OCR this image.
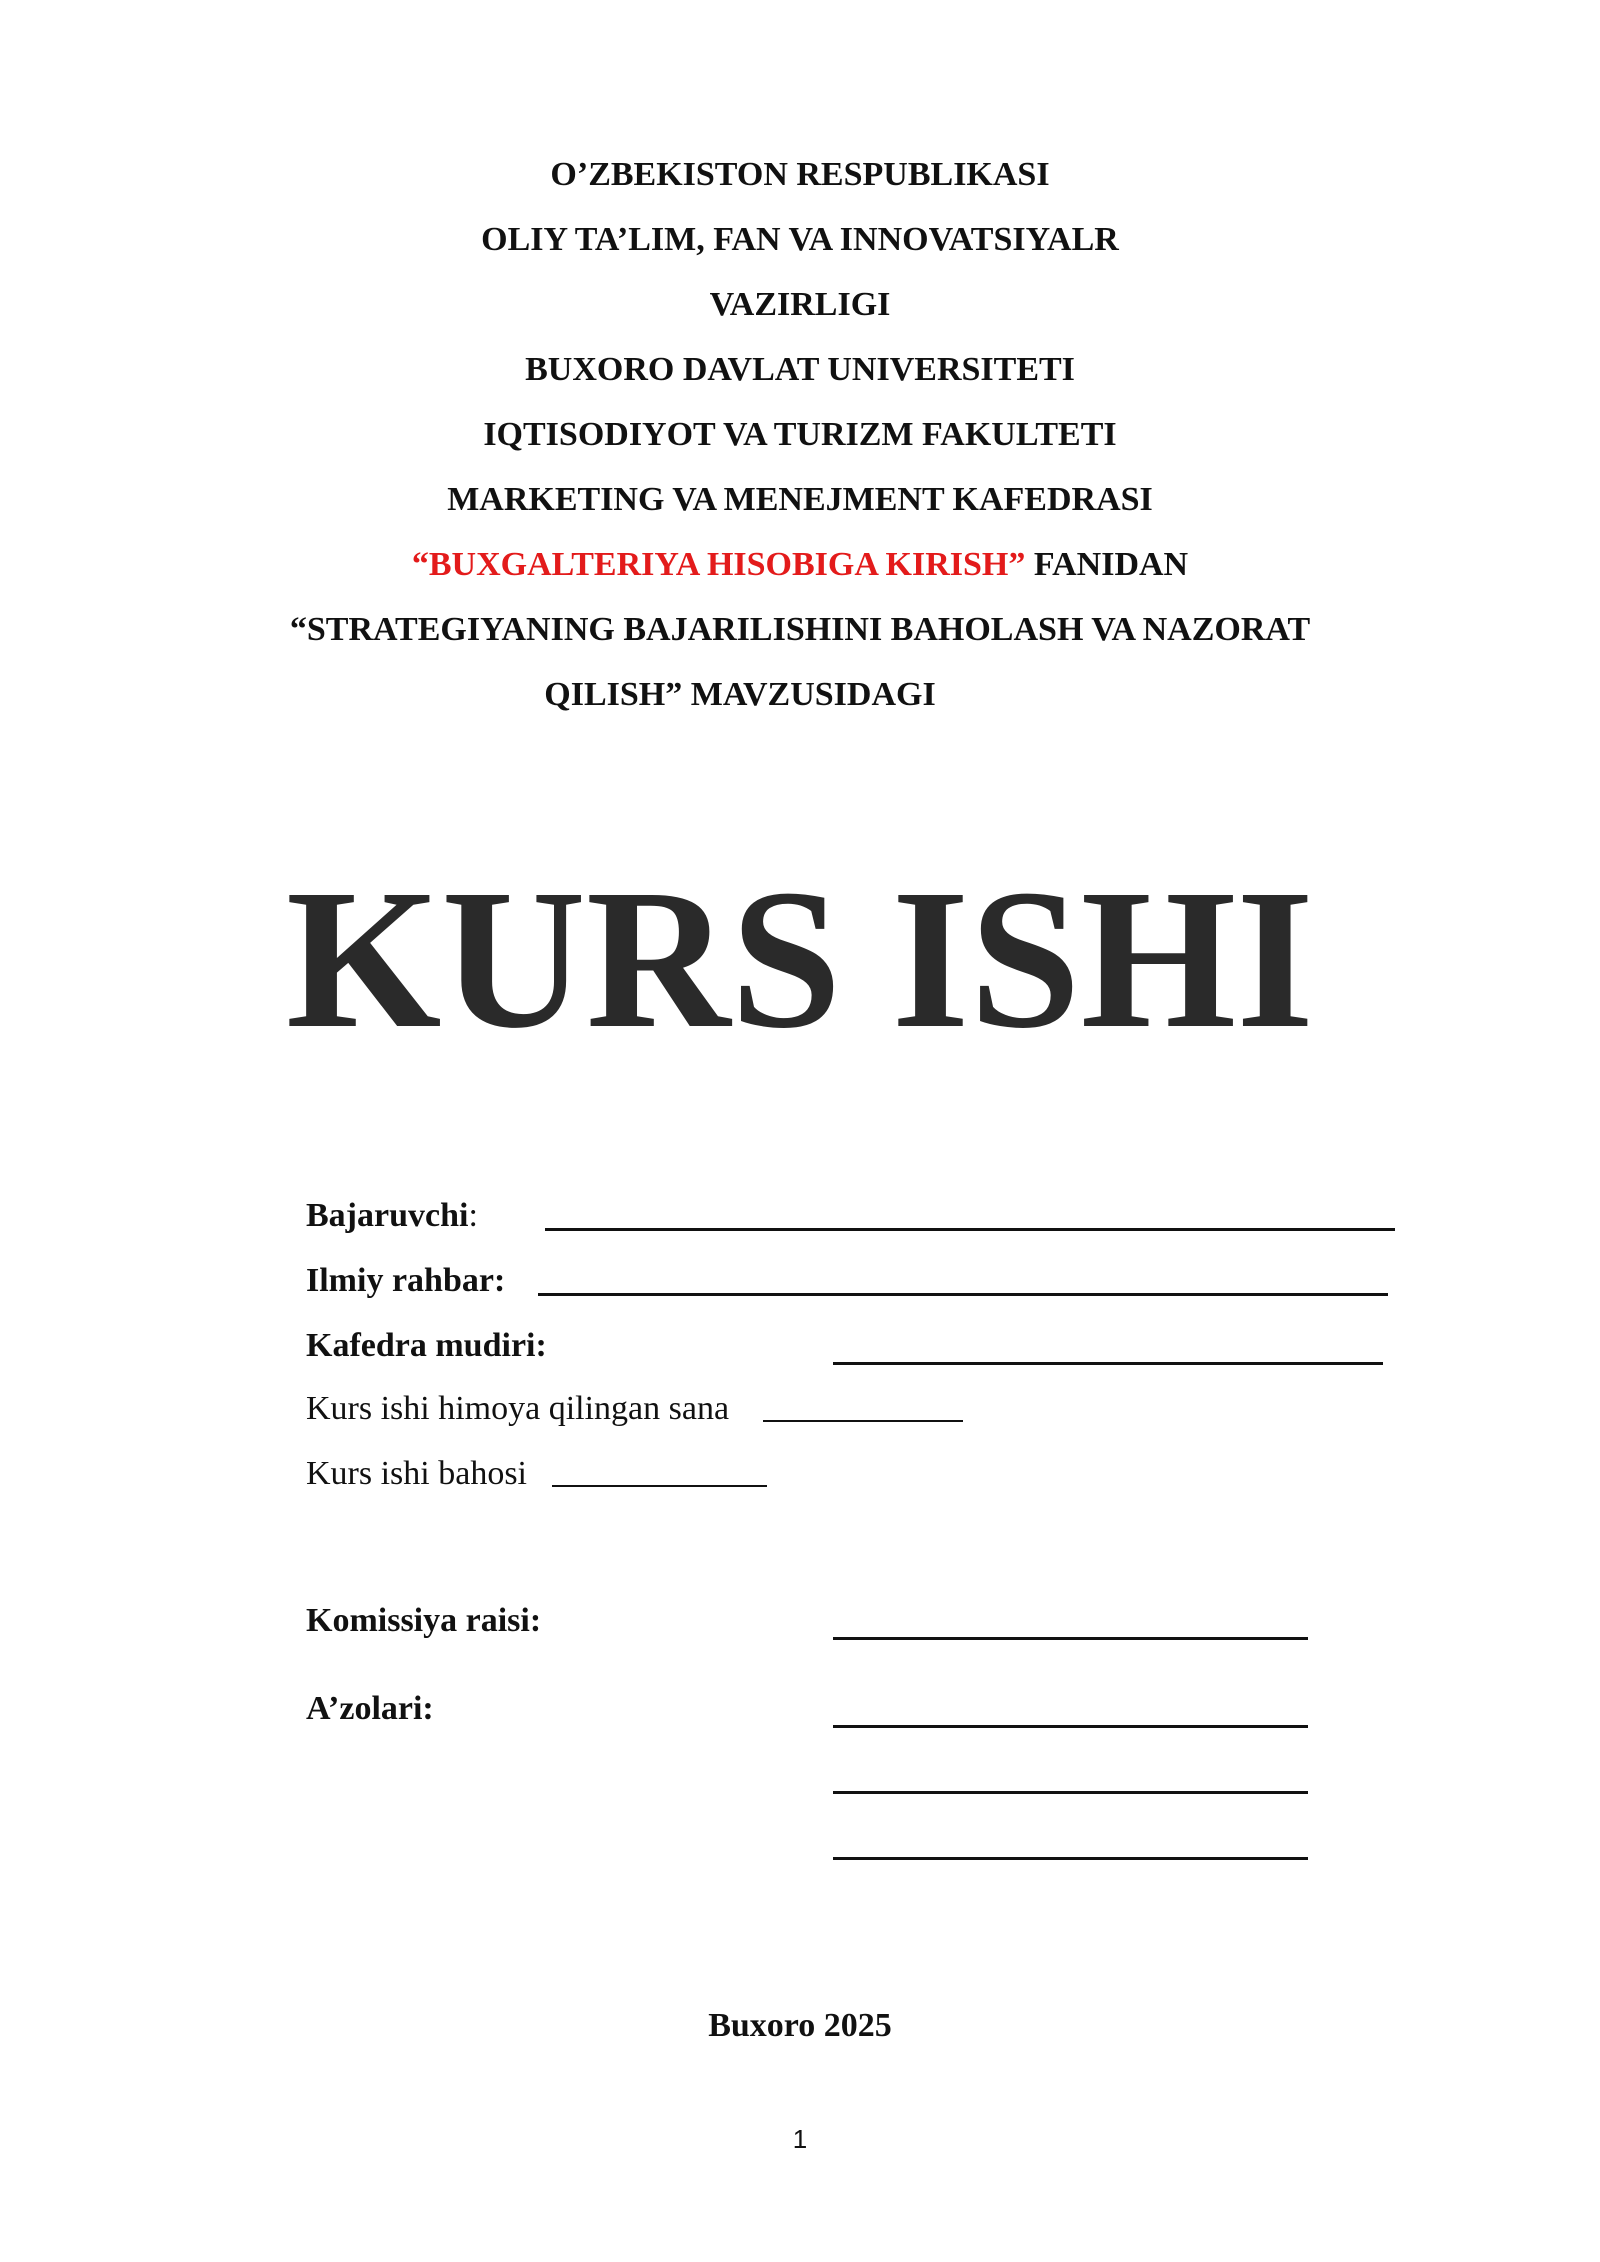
O’ZBEKISTON RESPUBLIKASI
OLIY TA’LIM, FAN VA INNOVATSIYALR
VAZIRLIGI
BUXORO DAVLAT UNIVERSITETI
IQTISODIYOT VA TURIZM FAKULTETI
MARKETING VA MENEJMENT KAFEDRASI
“BUXGALTERIYA HISOBIGA KIRISH” FANIDAN
“STRATEGIYANING BAJARILISHINI BAHOLASH VA NAZORAT
QILISH” MAVZUSIDAGI
KURS ISHI
Bajaruvchi:
Ilmiy rahbar:
Kafedra mudiri:
Kurs ishi himoya qilingan sana
Kurs ishi bahosi
Komissiya raisi:
A’zolari:
Buxoro 2025
1
